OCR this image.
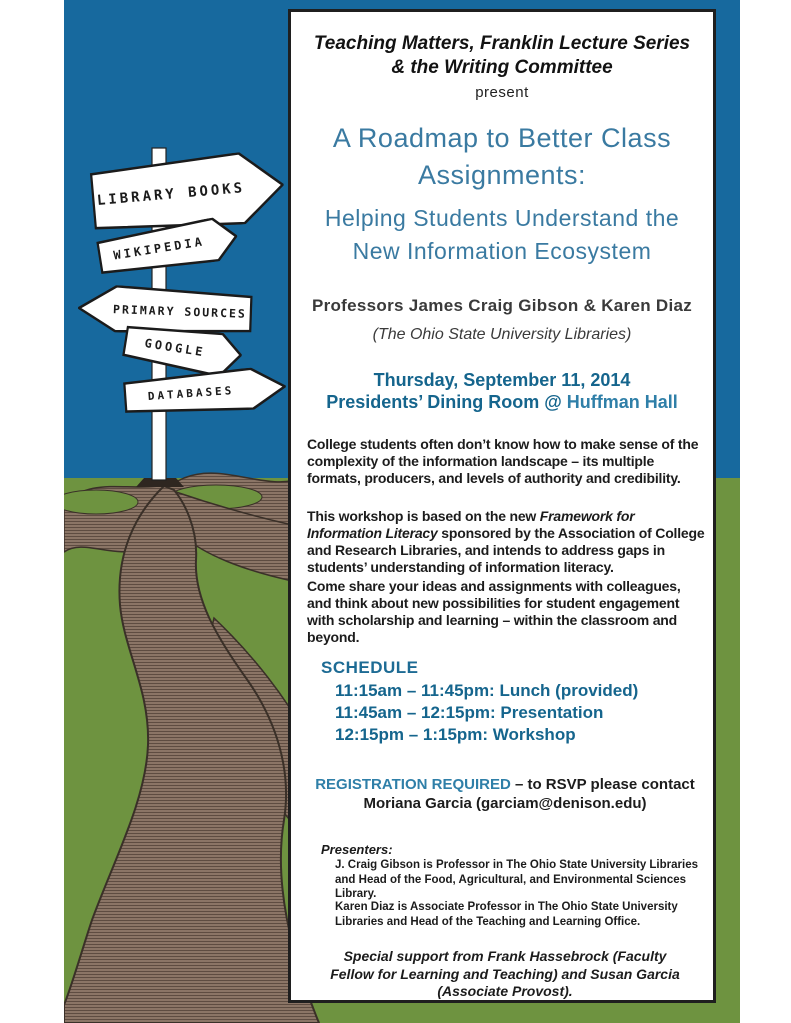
LIBRARY BOOKS
WIKIPEDIA
PRIMARY SOURCES
GOOGLE
DATABASES
Teaching Matters, Franklin Lecture Series
& the Writing Committee
present
A Roadmap to Better Class Assignments:
Helping Students Understand the New Information Ecosystem
Professors James Craig Gibson & Karen Diaz
(The Ohio State University Libraries)
Thursday, September 11, 2014
Presidents’ Dining Room @ Huffman Hall
College students often don’t know how to make sense of the complexity of the information landscape – its multiple formats, producers, and levels of authority and credibility.
This workshop is based on the new Framework for Information Literacy sponsored by the Association of College and Research Libraries, and intends to address gaps in students’ understanding of information literacy.
Come share your ideas and assignments with colleagues, and think about new possibilities for student engagement with scholarship and learning – within the classroom and beyond.
SCHEDULE
11:15am – 11:45pm: Lunch (provided)
11:45am – 12:15pm: Presentation
12:15pm – 1:15pm: Workshop
REGISTRATION REQUIRED – to RSVP please contact
Moriana Garcia (garciam@denison.edu)
Presenters:
J. Craig Gibson is Professor in The Ohio State University Libraries and Head of the Food, Agricultural, and Environmental Sciences Library.
Karen Diaz is Associate Professor in The Ohio State University Libraries and Head of the Teaching and Learning Office.
Special support from Frank Hassebrock (Faculty Fellow for Learning and Teaching) and Susan Garcia (Associate Provost).
